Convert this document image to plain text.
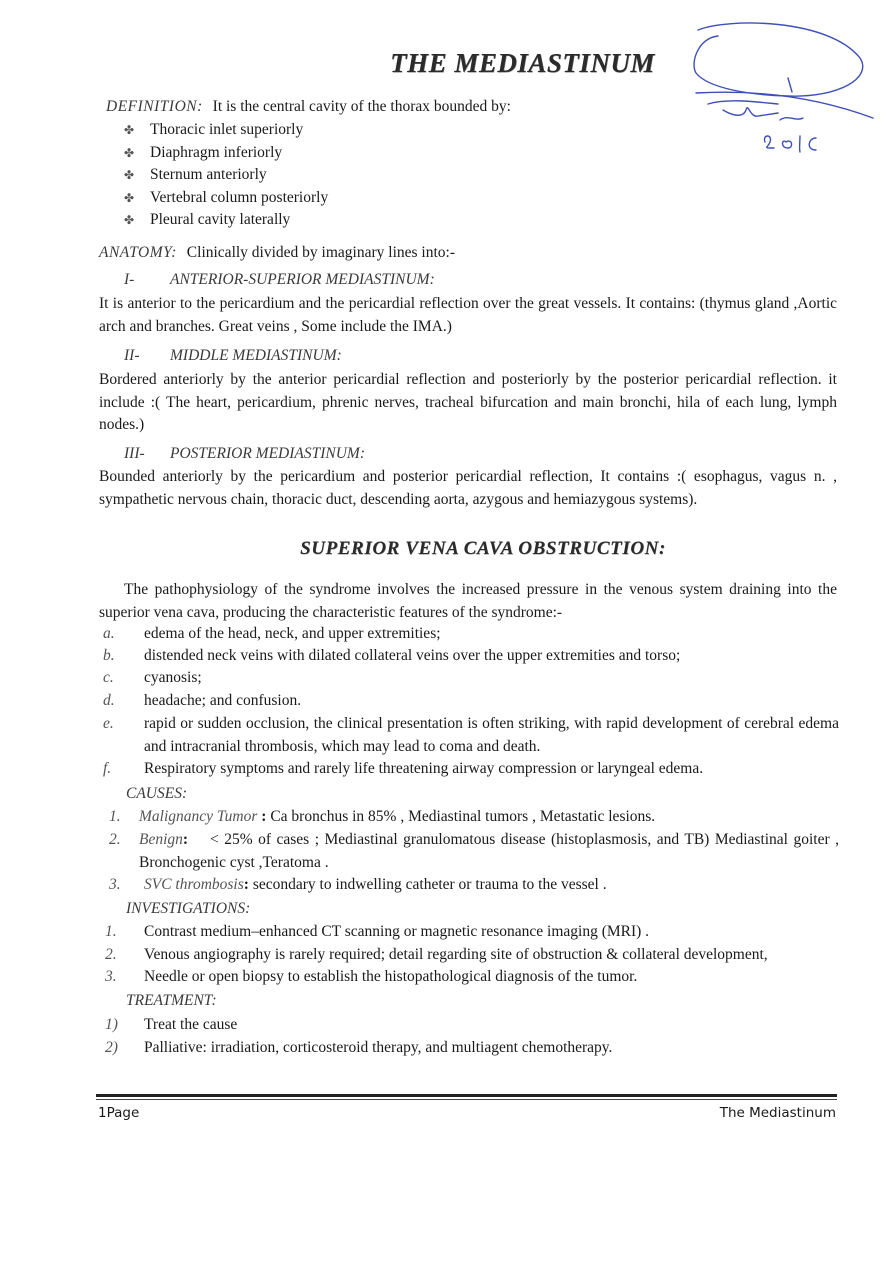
THE MEDIASTINUM
DEFINITION: It is the central cavity of the thorax bounded by:
✤ Thoracic inlet superiorly
✤ Diaphragm inferiorly
✤ Sternum anteriorly
✤ Vertebral column posteriorly
✤ Pleural cavity laterally
ANATOMY: Clinically divided by imaginary lines into:-
I- ANTERIOR-SUPERIOR MEDIASTINUM:
It is anterior to the pericardium and the pericardial reflection over the great vessels. It contains: (thymus gland ,Aortic arch and branches. Great veins , Some include the IMA.)
II- MIDDLE MEDIASTINUM:
Bordered anteriorly by the anterior pericardial reflection and posteriorly by the posterior pericardial reflection. it include :( The heart, pericardium, phrenic nerves, tracheal bifurcation and main bronchi, hila of each lung, lymph nodes.)
III- POSTERIOR MEDIASTINUM:
Bounded anteriorly by the pericardium and posterior pericardial reflection, It contains :( esophagus, vagus n. , sympathetic nervous chain, thoracic duct, descending aorta, azygous and hemiazygous systems).
SUPERIOR VENA CAVA OBSTRUCTION:
The pathophysiology of the syndrome involves the increased pressure in the venous system draining into the superior vena cava, producing the characteristic features of the syndrome:-
a. edema of the head, neck, and upper extremities;
b. distended neck veins with dilated collateral veins over the upper extremities and torso;
c. cyanosis;
d. headache; and confusion.
e. rapid or sudden occlusion, the clinical presentation is often striking, with rapid development of cerebral edema and intracranial thrombosis, which may lead to coma and death.
f. Respiratory symptoms and rarely life threatening airway compression or laryngeal edema.
CAUSES:
1. Malignancy Tumor : Ca bronchus in 85% , Mediastinal tumors , Metastatic lesions.
2. Benign:    < 25% of cases ; Mediastinal granulomatous disease (histoplasmosis, and TB) Mediastinal goiter , Bronchogenic cyst ,Teratoma .
3. SVC thrombosis: secondary to indwelling catheter or trauma to the vessel .
INVESTIGATIONS:
1. Contrast medium–enhanced CT scanning or magnetic resonance imaging (MRI) .
2. Venous angiography is rarely required; detail regarding site of obstruction & collateral development,
3. Needle or open biopsy to establish the histopathological diagnosis of the tumor.
TREATMENT:
1) Treat the cause
2) Palliative: irradiation, corticosteroid therapy, and multiagent chemotherapy.
1Page	The Mediastinum
